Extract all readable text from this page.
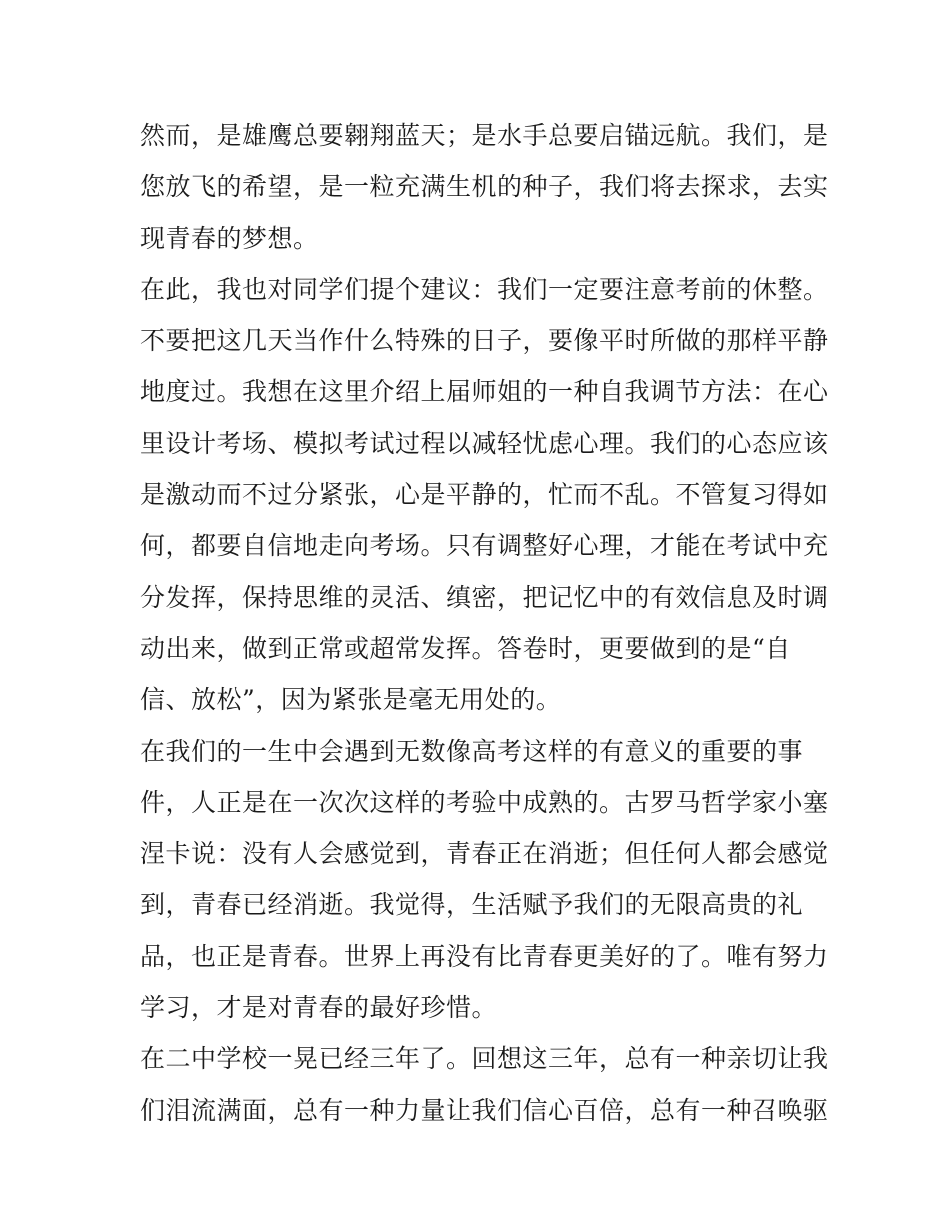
然而，是雄鹰总要翱翔蓝天；是水手总要启锚远航。我们，是
您放飞的希望，是一粒充满生机的种子，我们将去探求，去实
现青春的梦想。
在此，我也对同学们提个建议：我们一定要注意考前的休整。
不要把这几天当作什么特殊的日子，要像平时所做的那样平静
地度过。我想在这里介绍上届师姐的一种自我调节方法：在心
里设计考场、模拟考试过程以减轻忧虑心理。我们的心态应该
是激动而不过分紧张，心是平静的，忙而不乱。不管复习得如
何，都要自信地走向考场。只有调整好心理，才能在考试中充
分发挥，保持思维的灵活、缜密，把记忆中的有效信息及时调
动出来，做到正常或超常发挥。答卷时，更要做到的是“自
信、放松”，因为紧张是毫无用处的。
在我们的一生中会遇到无数像高考这样的有意义的重要的事
件，人正是在一次次这样的考验中成熟的。古罗马哲学家小塞
涅卡说：没有人会感觉到，青春正在消逝；但任何人都会感觉
到，青春已经消逝。我觉得，生活赋予我们的无限高贵的礼
品，也正是青春。世界上再没有比青春更美好的了。唯有努力
学习，才是对青春的最好珍惜。
在二中学校一晃已经三年了。回想这三年，总有一种亲切让我
们泪流满面，总有一种力量让我们信心百倍，总有一种召唤驱
